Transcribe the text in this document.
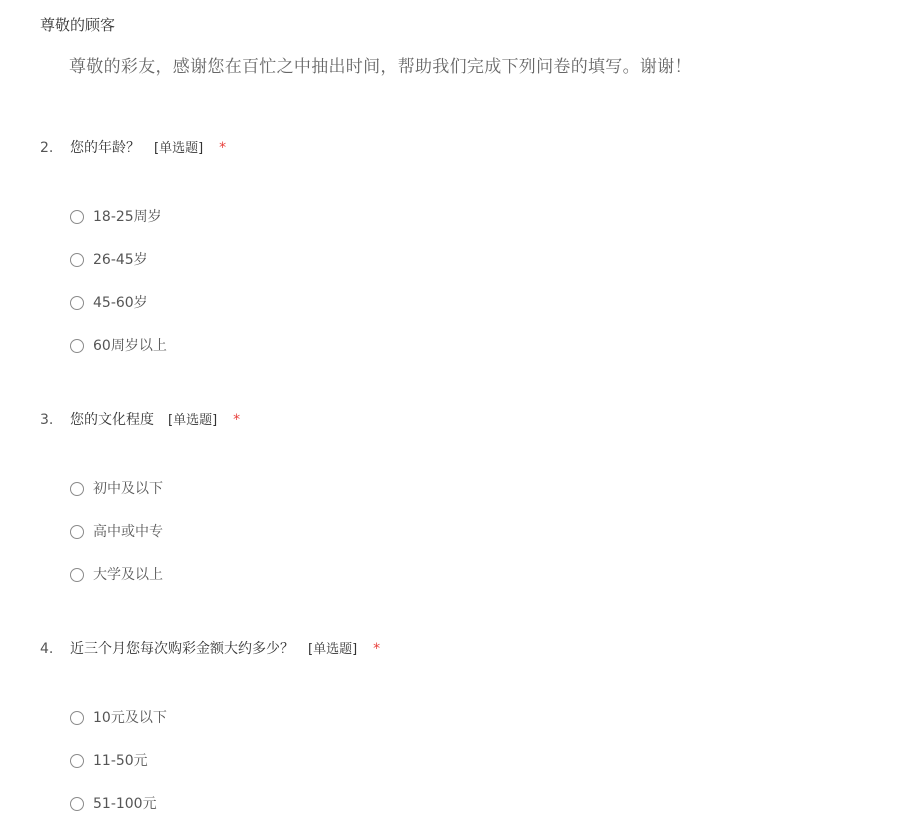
尊敬的顾客
尊敬的彩友，感谢您在百忙之中抽出时间，帮助我们完成下列问卷的填写。谢谢！
2. 您的年龄？ [单选题] *
18-25周岁
26-45岁
45-60岁
60周岁以上
3. 您的文化程度 [单选题] *
初中及以下
高中或中专
大学及以上
4. 近三个月您每次购彩金额大约多少？ [单选题] *
10元及以下
11-50元
51-100元
